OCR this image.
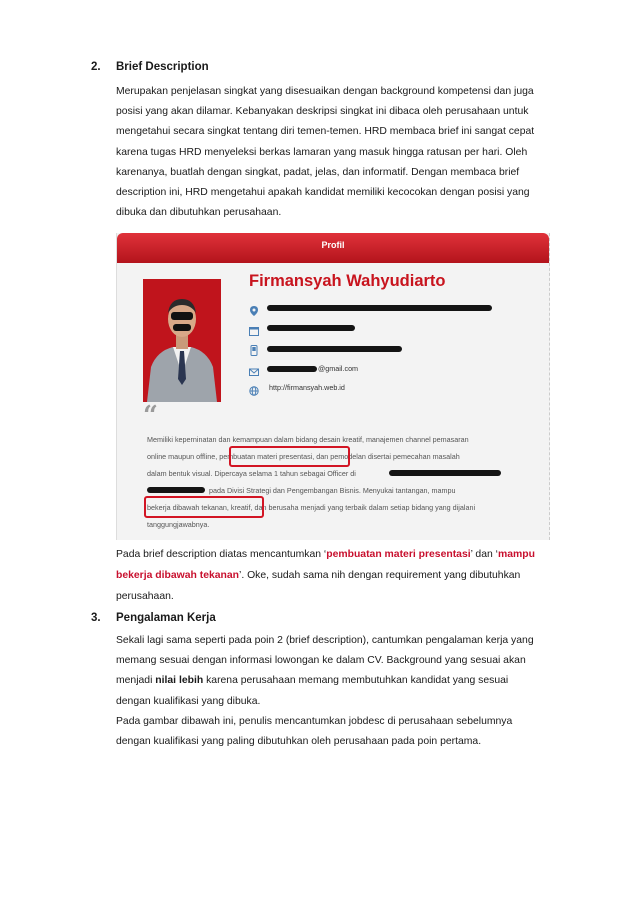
2. Brief Description
Merupakan penjelasan singkat yang disesuaikan dengan background kompetensi dan juga
posisi yang akan dilamar. Kebanyakan deskripsi singkat ini dibaca oleh perusahaan untuk
mengetahui secara singkat tentang diri temen-temen. HRD membaca brief ini sangat cepat
karena tugas HRD menyeleksi berkas lamaran yang masuk hingga ratusan per hari. Oleh
karenanya, buatlah dengan singkat, padat, jelas, dan informatif. Dengan membaca brief
description ini, HRD mengetahui apakah kandidat memiliki kecocokan dengan posisi yang
dibuka dan dibutuhkan perusahaan.
Profil
Firmansyah Wahyudiarto
@gmail.com
http://firmansyah.web.id
“
Memiliki keperninatan dan kemampuan dalam bidang desain kreatif, manajemen channel pemasaran
online maupun offline, pembuatan materi presentasi, dan pemodelan disertai pemecahan masalah
dalam bentuk visual. Dipercaya selama 1 tahun sebagai Officer di
pada Divisi Strategi dan Pengembangan Bisnis. Menyukai tantangan, mampu
bekerja dibawah tekanan, kreatif, dan berusaha menjadi yang terbaik dalam setiap bidang yang dijalani
tanggungjawabnya.
Pada brief description diatas mencantumkan ‘pembuatan materi presentasi’ dan ‘mampu
bekerja dibawah tekanan’. Oke, sudah sama nih dengan requirement yang dibutuhkan
perusahaan.
3. Pengalaman Kerja
Sekali lagi sama seperti pada poin 2 (brief description), cantumkan pengalaman kerja yang
memang sesuai dengan informasi lowongan ke dalam CV. Background yang sesuai akan
menjadi nilai lebih karena perusahaan memang membutuhkan kandidat yang sesuai
dengan kualifikasi yang dibuka.
Pada gambar dibawah ini, penulis mencantumkan jobdesc di perusahaan sebelumnya
dengan kualifikasi yang paling dibutuhkan oleh perusahaan pada poin pertama.
